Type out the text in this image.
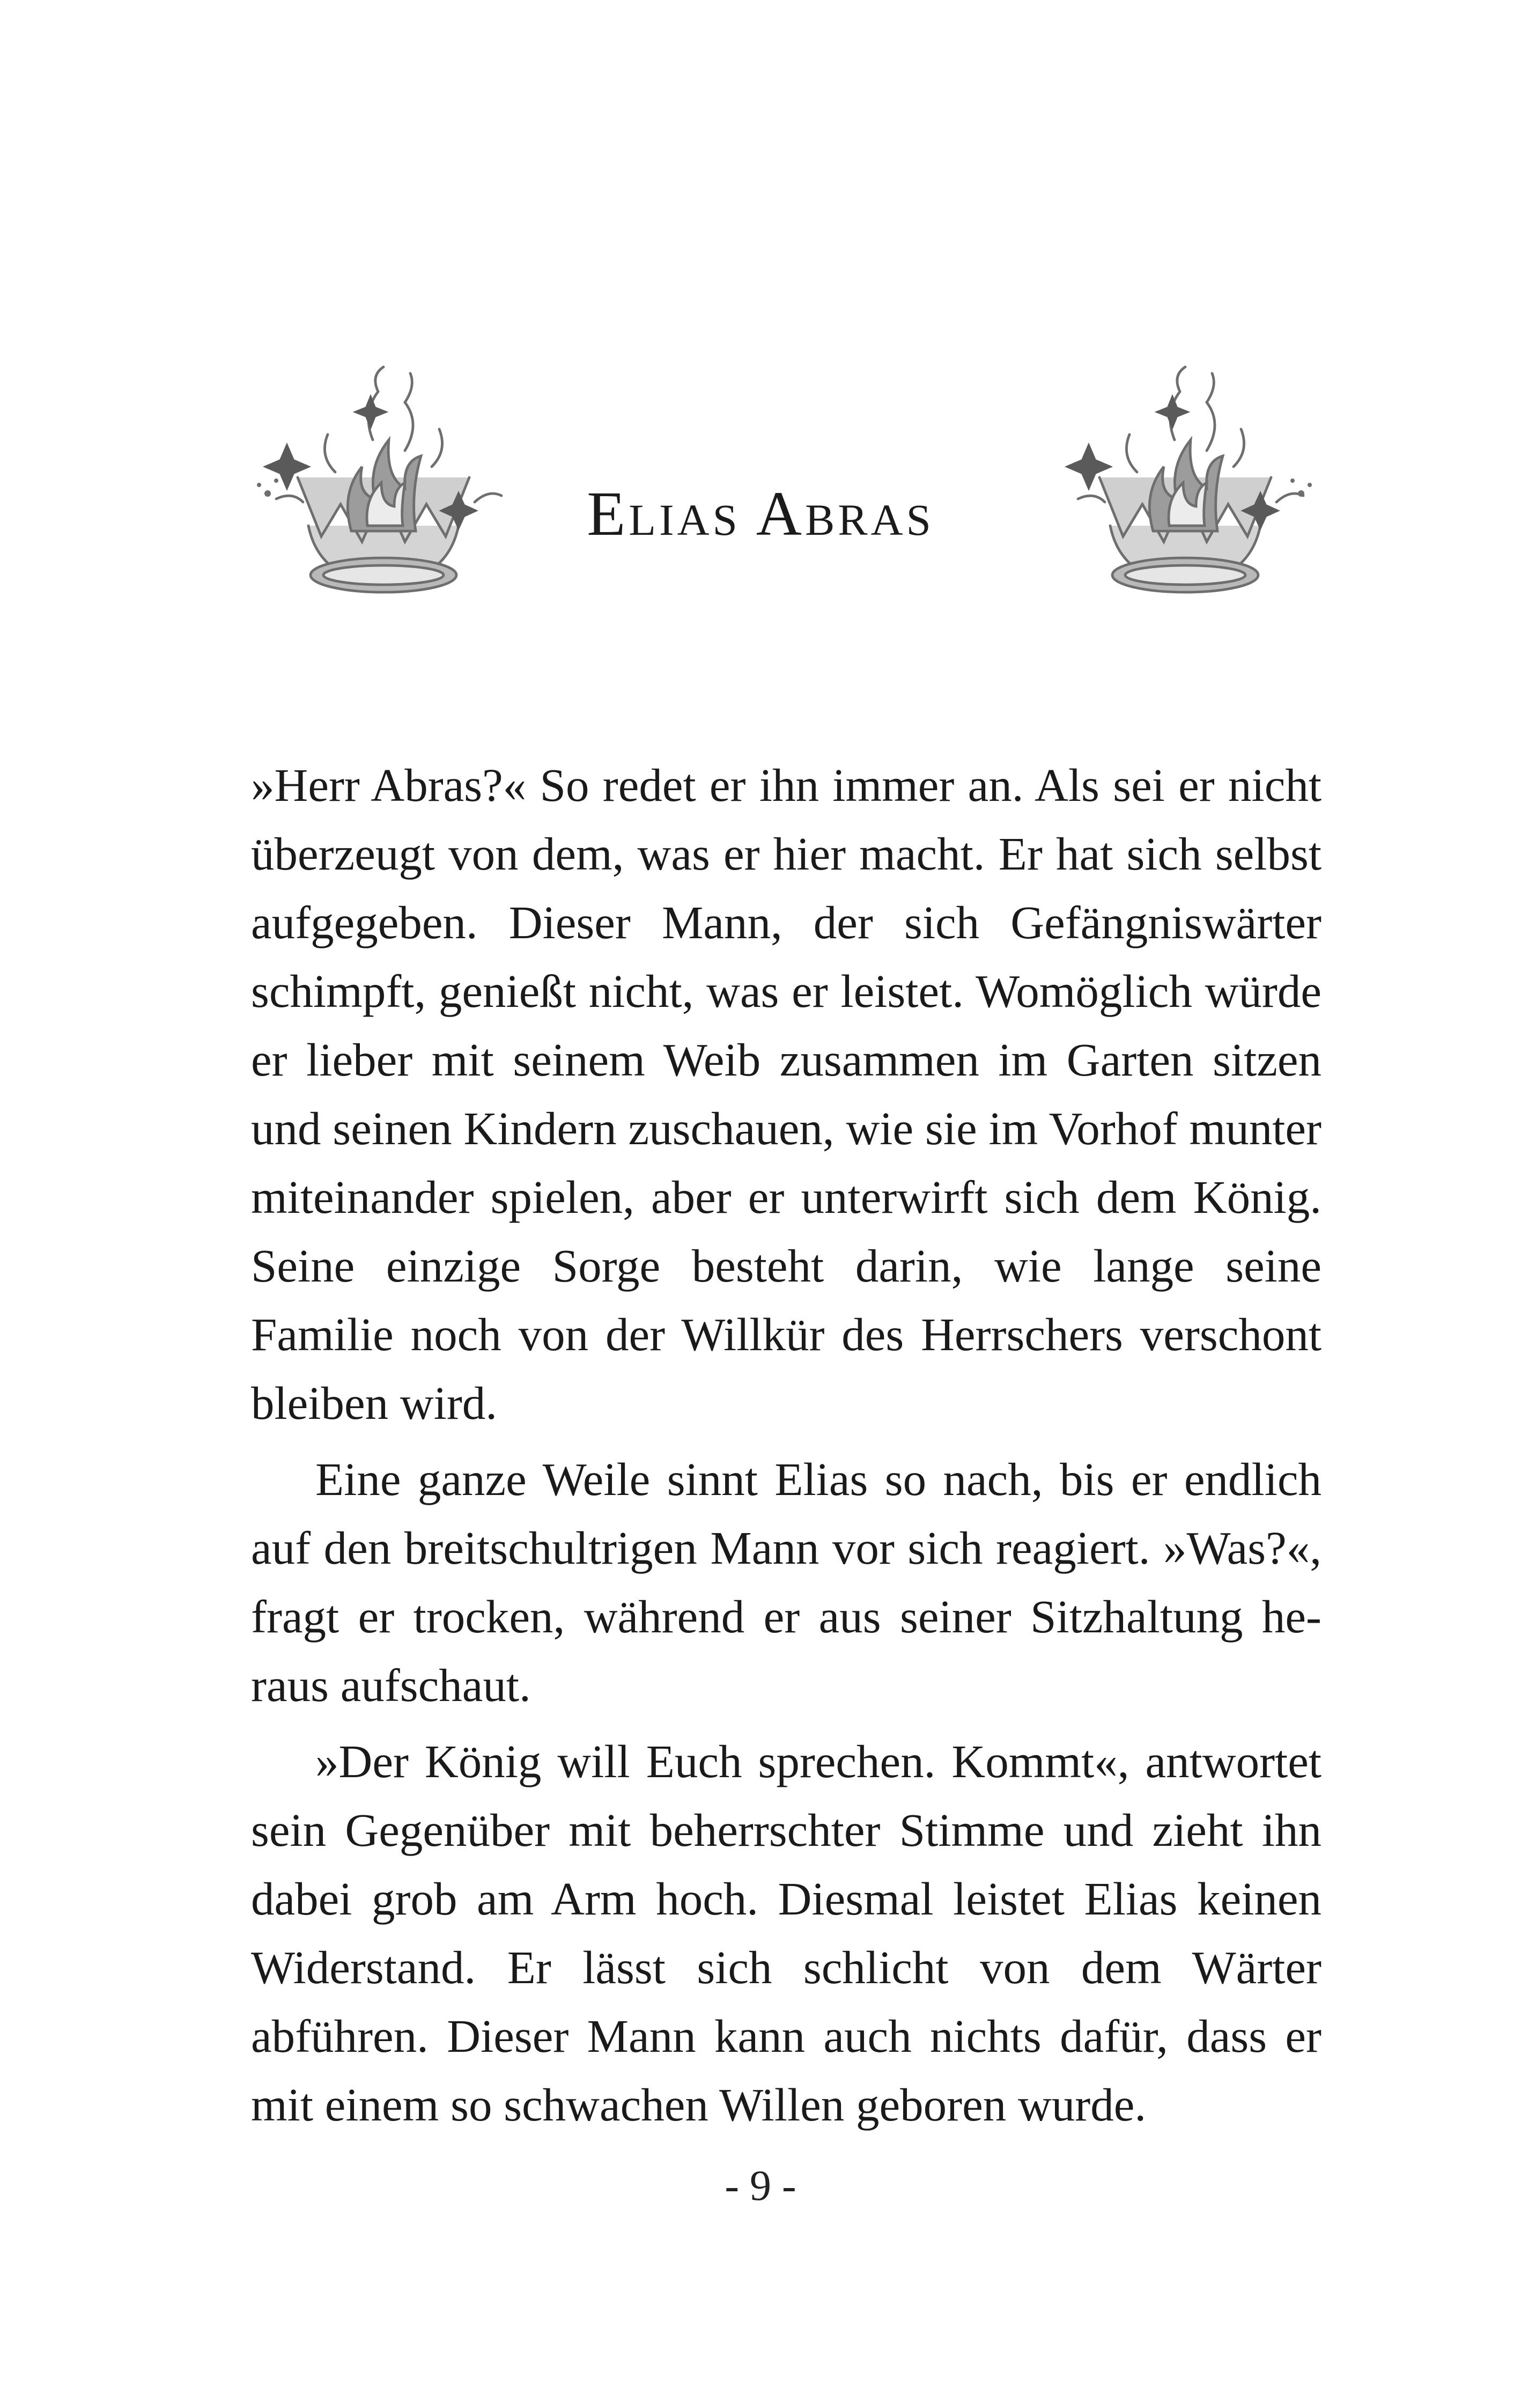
Elias Abras

»Herr Abras?« So redet er ihn immer an. Als sei er nicht überzeugt von dem, was er hier macht. Er hat sich selbst aufgegeben. Dieser Mann, der sich Gefängniswärter schimpft, genießt nicht, was er leistet. Womöglich würde er lieber mit seinem Weib zusammen im Garten sitzen und seinen Kindern zuschauen, wie sie im Vorhof munter miteinander spielen, aber er unterwirft sich dem König. Seine einzige Sorge besteht darin, wie lange seine Familie noch von der Willkür des Herrschers verschont bleiben wird.

Eine ganze Weile sinnt Elias so nach, bis er endlich auf den breitschultrigen Mann vor sich reagiert. »Was?«, fragt er trocken, während er aus seiner Sitzhaltung heraus aufschaut.

»Der König will Euch sprechen. Kommt«, antwortet sein Gegenüber mit beherrschter Stimme und zieht ihn dabei grob am Arm hoch. Diesmal leistet Elias keinen Widerstand. Er lässt sich schlicht von dem Wärter abführen. Dieser Mann kann auch nichts dafür, dass er mit einem so schwachen Willen geboren wurde.

- 9 -
